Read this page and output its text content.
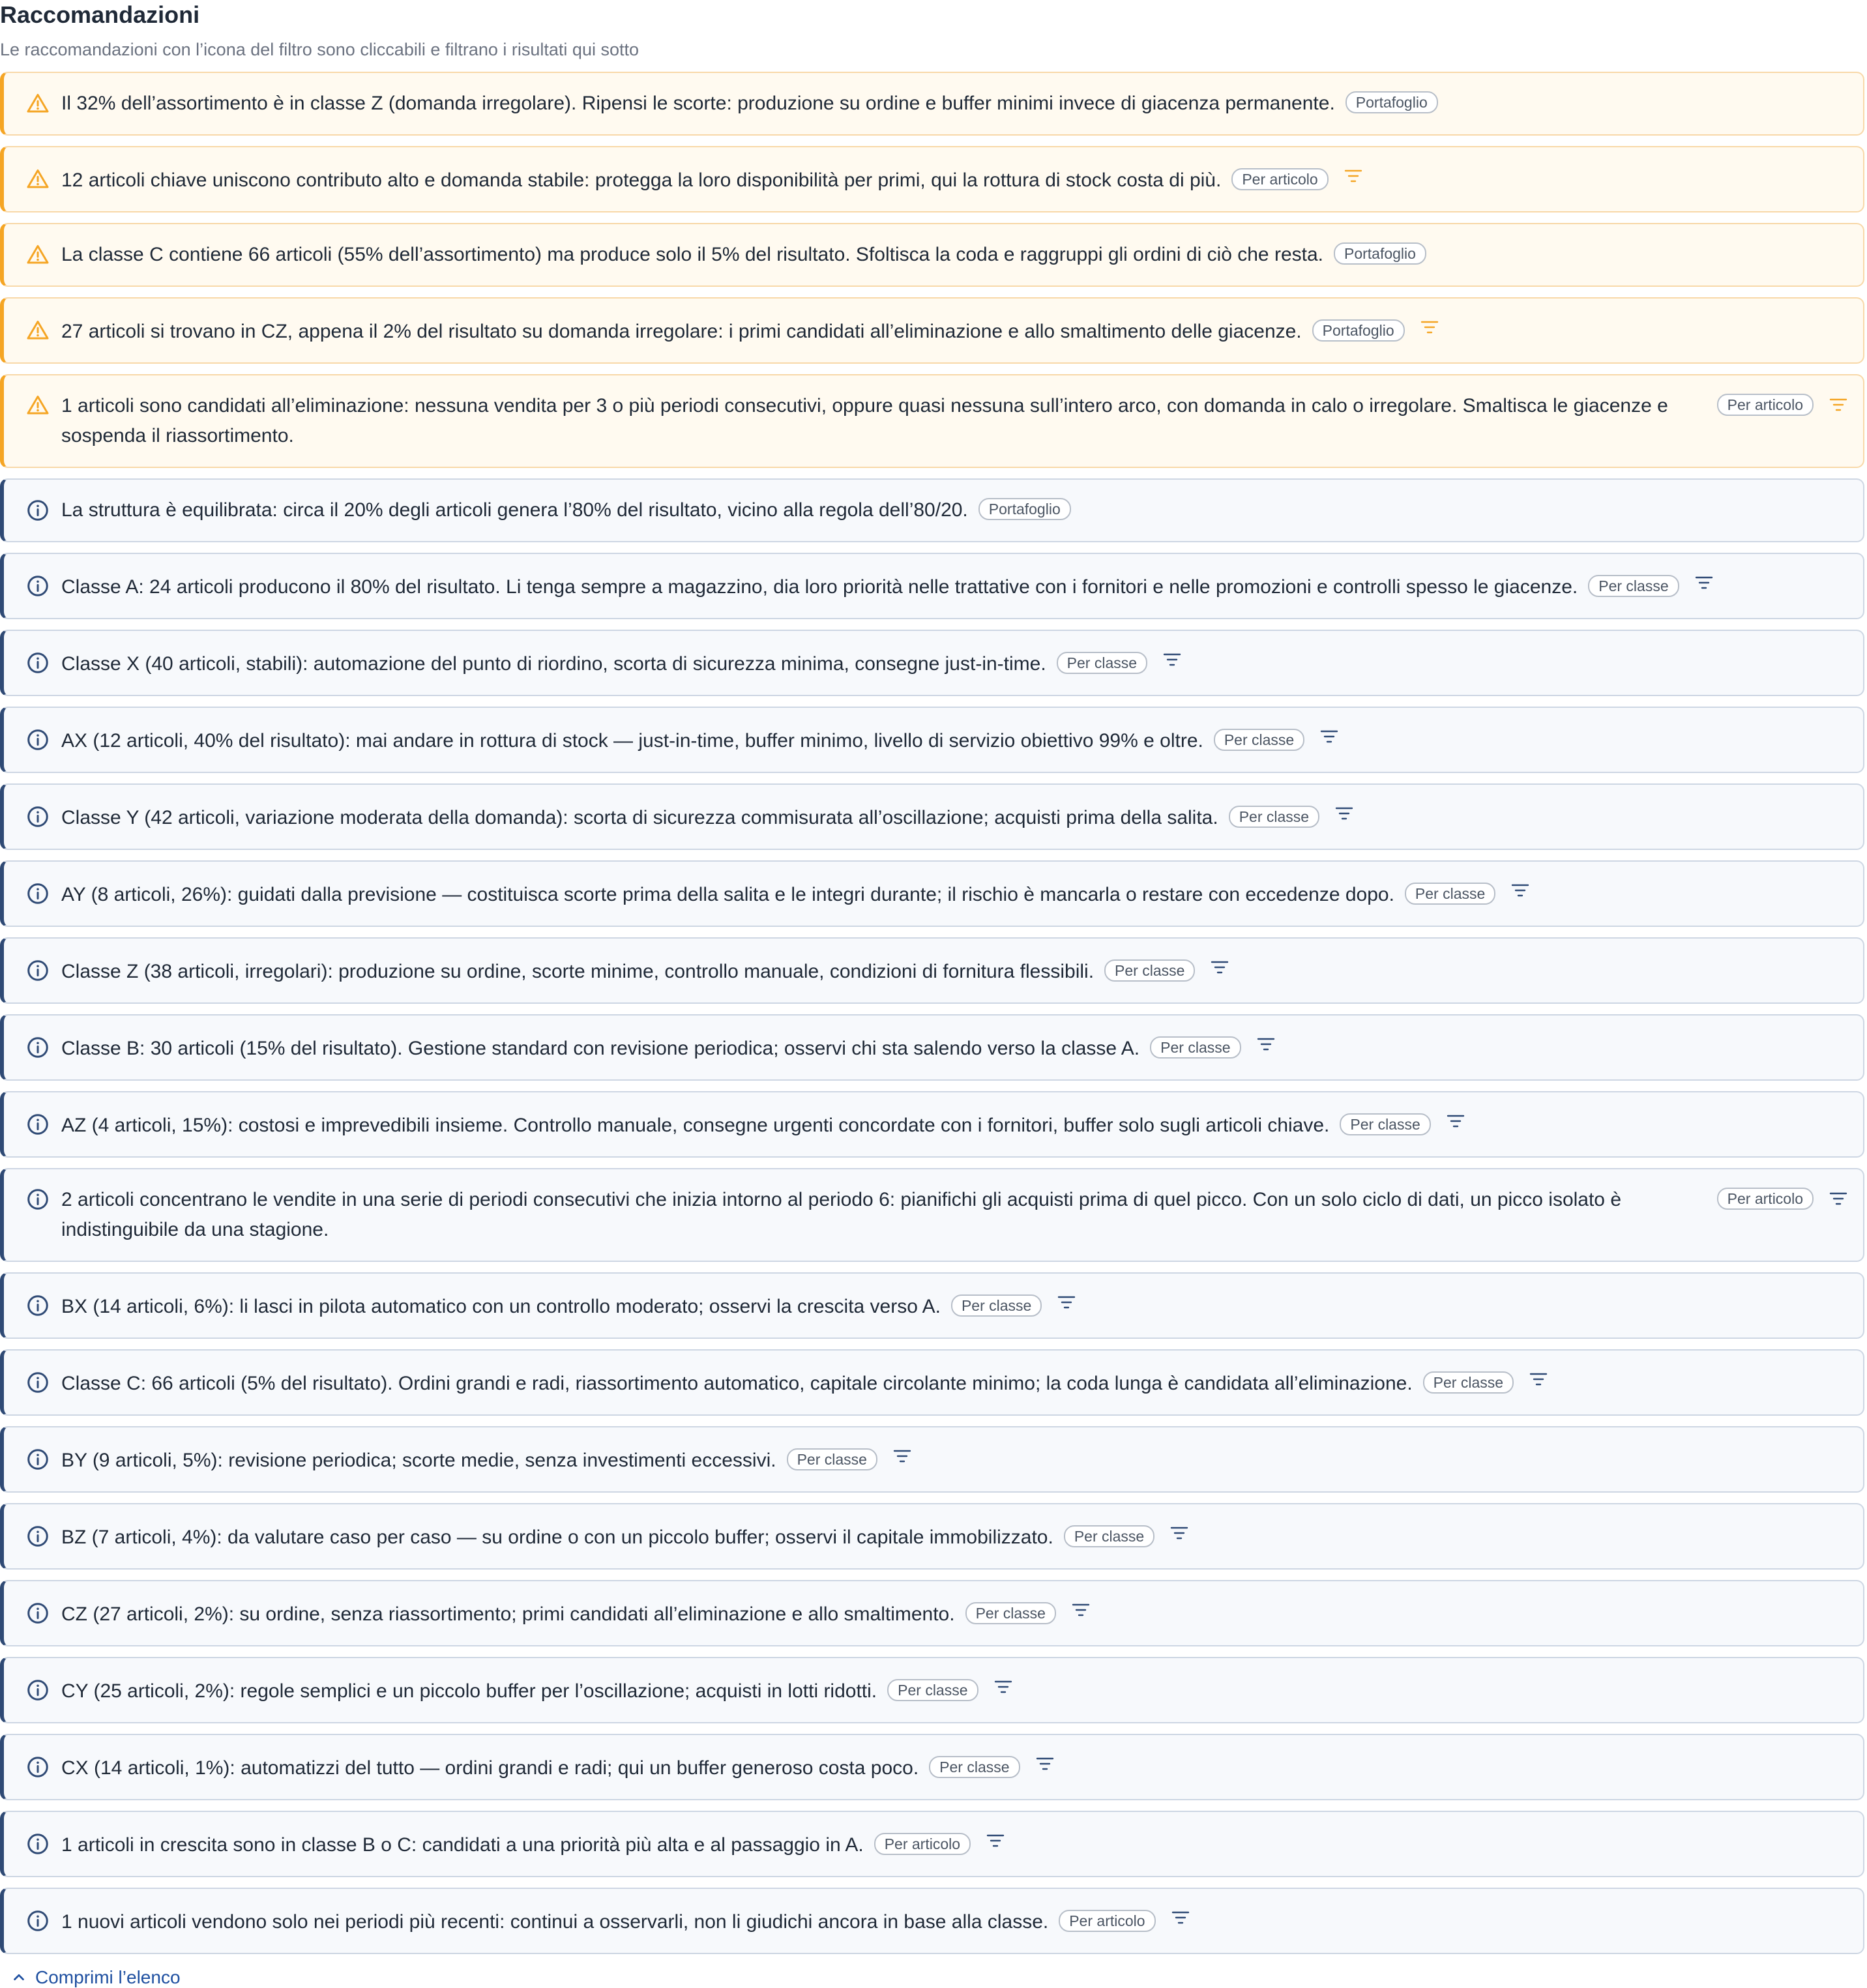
Raccomandazioni

Le raccomandazioni con l’icona del filtro sono cliccabili e filtrano i risultati qui sotto

Il 32% dell’assortimento è in classe Z (domanda irregolare). Ripensi le scorte: produzione su ordine e buffer minimi invece di giacenza permanente. Portafoglio
12 articoli chiave uniscono contributo alto e domanda stabile: protegga la loro disponibilità per primi, qui la rottura di stock costa di più. Per articolo
La classe C contiene 66 articoli (55% dell’assortimento) ma produce solo il 5% del risultato. Sfoltisca la coda e raggruppi gli ordini di ciò che resta. Portafoglio
27 articoli si trovano in CZ, appena il 2% del risultato su domanda irregolare: i primi candidati all’eliminazione e allo smaltimento delle giacenze. Portafoglio
1 articoli sono candidati all’eliminazione: nessuna vendita per 3 o più periodi consecutivi, oppure quasi nessuna sull’intero arco, con domanda in calo o irregolare. Smaltisca le giacenze e sospenda il riassortimento.
Per articolo
La struttura è equilibrata: circa il 20% degli articoli genera l’80% del risultato, vicino alla regola dell’80/20. Portafoglio
Classe A: 24 articoli producono il 80% del risultato. Li tenga sempre a magazzino, dia loro priorità nelle trattative con i fornitori e nelle promozioni e controlli spesso le giacenze. Per classe
Classe X (40 articoli, stabili): automazione del punto di riordino, scorta di sicurezza minima, consegne just-in-time. Per classe
AX (12 articoli, 40% del risultato): mai andare in rottura di stock — just-in-time, buffer minimo, livello di servizio obiettivo 99% e oltre. Per classe
Classe Y (42 articoli, variazione moderata della domanda): scorta di sicurezza commisurata all’oscillazione; acquisti prima della salita. Per classe
AY (8 articoli, 26%): guidati dalla previsione — costituisca scorte prima della salita e le integri durante; il rischio è mancarla o restare con eccedenze dopo. Per classe
Classe Z (38 articoli, irregolari): produzione su ordine, scorte minime, controllo manuale, condizioni di fornitura flessibili. Per classe
Classe B: 30 articoli (15% del risultato). Gestione standard con revisione periodica; osservi chi sta salendo verso la classe A. Per classe
AZ (4 articoli, 15%): costosi e imprevedibili insieme. Controllo manuale, consegne urgenti concordate con i fornitori, buffer solo sugli articoli chiave. Per classe
2 articoli concentrano le vendite in una serie di periodi consecutivi che inizia intorno al periodo 6: pianifichi gli acquisti prima di quel picco. Con un solo ciclo di dati, un picco isolato è indistinguibile da una stagione.
Per articolo
BX (14 articoli, 6%): li lasci in pilota automatico con un controllo moderato; osservi la crescita verso A. Per classe
Classe C: 66 articoli (5% del risultato). Ordini grandi e radi, riassortimento automatico, capitale circolante minimo; la coda lunga è candidata all’eliminazione. Per classe
BY (9 articoli, 5%): revisione periodica; scorte medie, senza investimenti eccessivi. Per classe
BZ (7 articoli, 4%): da valutare caso per caso — su ordine o con un piccolo buffer; osservi il capitale immobilizzato. Per classe
CZ (27 articoli, 2%): su ordine, senza riassortimento; primi candidati all’eliminazione e allo smaltimento. Per classe
CY (25 articoli, 2%): regole semplici e un piccolo buffer per l’oscillazione; acquisti in lotti ridotti. Per classe
CX (14 articoli, 1%): automatizzi del tutto — ordini grandi e radi; qui un buffer generoso costa poco. Per classe
1 articoli in crescita sono in classe B o C: candidati a una priorità più alta e al passaggio in A. Per articolo
1 nuovi articoli vendono solo nei periodi più recenti: continui a osservarli, non li giudichi ancora in base alla classe. Per articolo
Comprimi l’elenco
